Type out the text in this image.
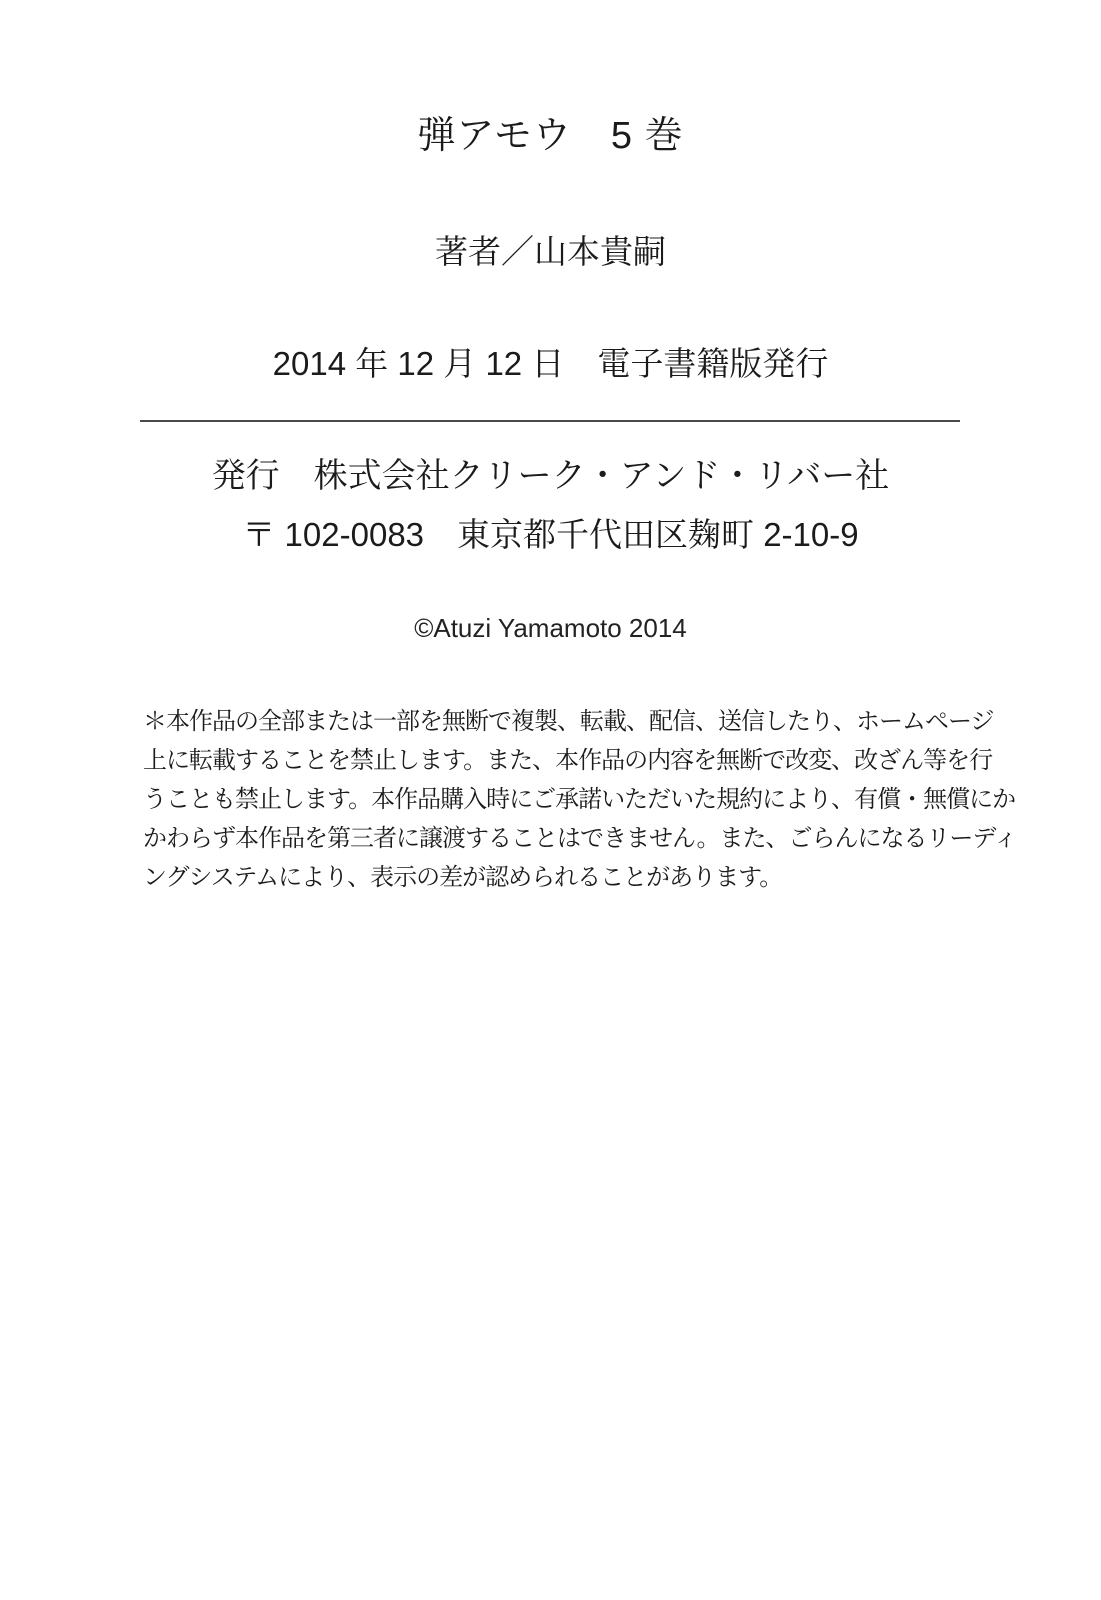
弾アモウ　5 巻
著者／山本貴嗣
2014 年 12 月 12 日　電子書籍版発行
発行　株式会社クリーク・アンド・リバー社
〒 102-0083　東京都千代田区麹町 2-10-9
©Atuzi Yamamoto 2014
＊本作品の全部または一部を無断で複製、転載、配信、送信したり、ホームページ
上に転載することを禁止します。また、本作品の内容を無断で改変、改ざん等を行
うことも禁止します。本作品購入時にご承諾いただいた規約により、有償・無償にか
かわらず本作品を第三者に譲渡することはできません。また、ごらんになるリーディ
ングシステムにより、表示の差が認められることがあります。
